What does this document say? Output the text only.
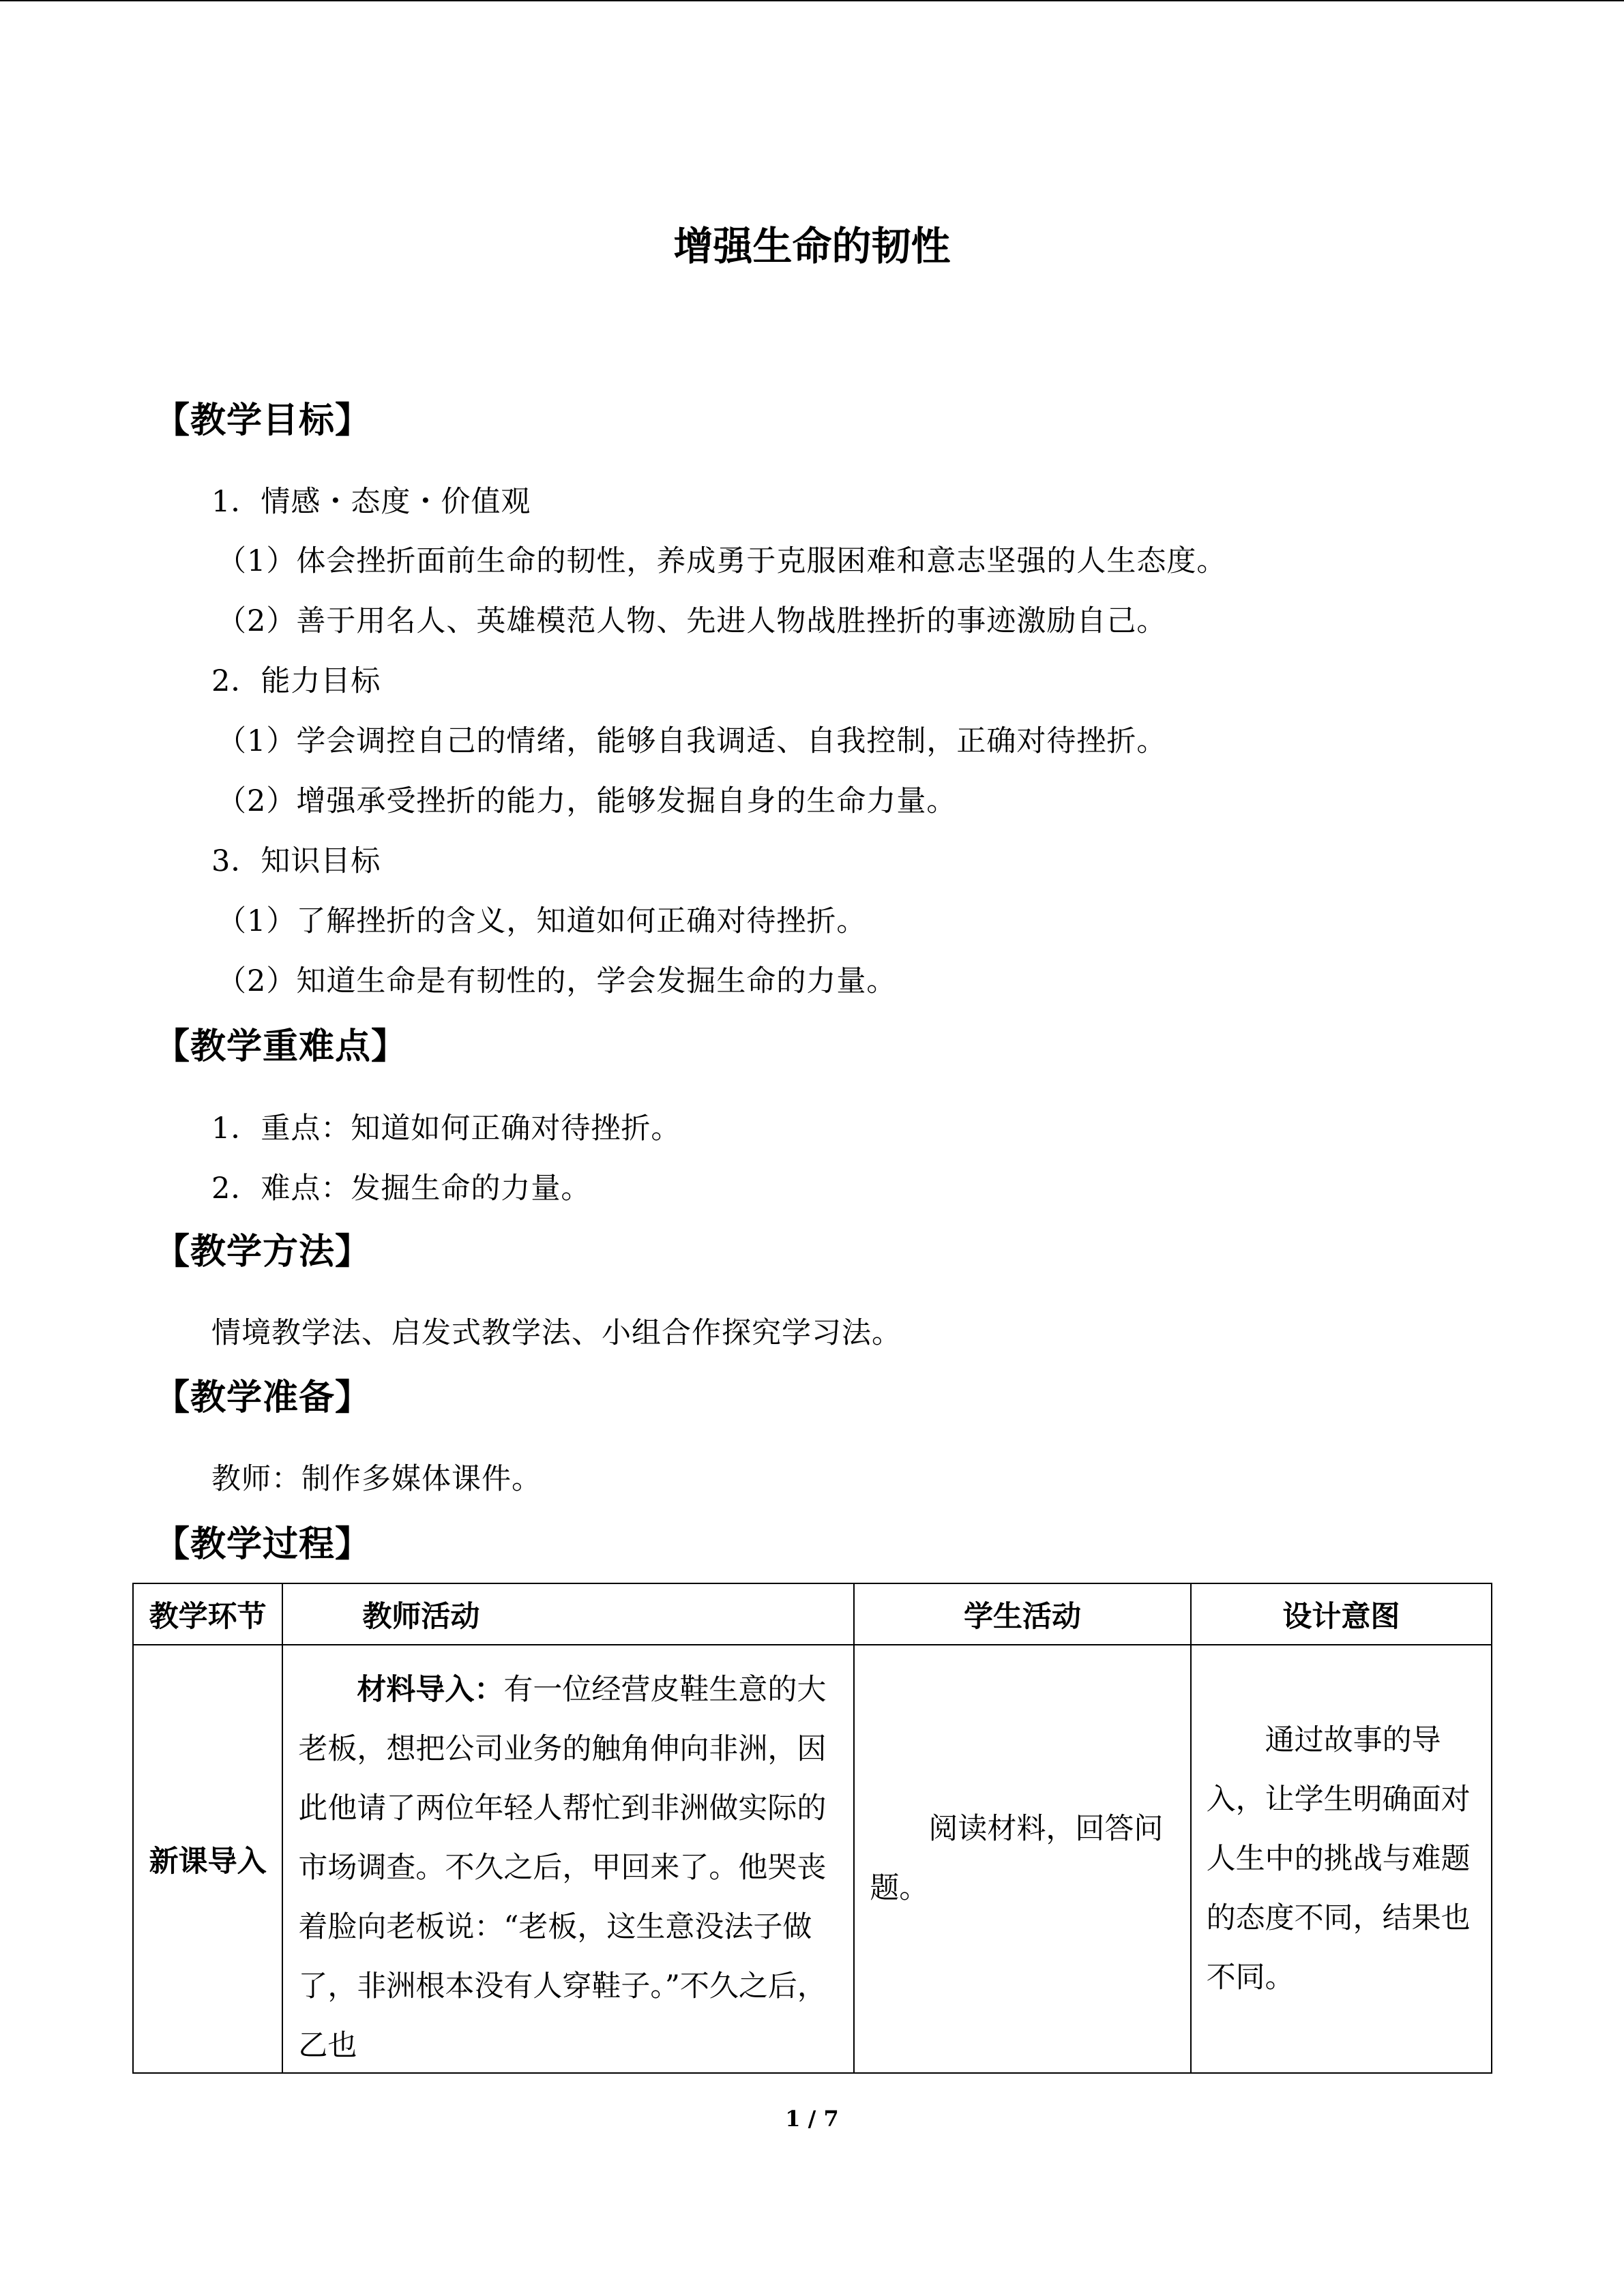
增强生命的韧性
【教学目标】
1．情感・态度・价值观
（1）体会挫折面前生命的韧性，养成勇于克服困难和意志坚强的人生态度。
（2）善于用名人、英雄模范人物、先进人物战胜挫折的事迹激励自己。
2．能力目标
（1）学会调控自己的情绪，能够自我调适、自我控制，正确对待挫折。
（2）增强承受挫折的能力，能够发掘自身的生命力量。
3．知识目标
（1）了解挫折的含义，知道如何正确对待挫折。
（2）知道生命是有韧性的，学会发掘生命的力量。
【教学重难点】
1．重点：知道如何正确对待挫折。
2．难点：发掘生命的力量。
【教学方法】
情境教学法、启发式教学法、小组合作探究学习法。
【教学准备】
教师：制作多媒体课件。
【教学过程】
教学环节	教师活动	学生活动	设计意图
新课导入	材料导入：有一位经营皮鞋生意的大老板，想把公司业务的触角伸向非洲，因此他请了两位年轻人帮忙到非洲做实际的市场调查。不久之后，甲回来了。他哭丧着脸向老板说：“老板，这生意没法子做了，非洲根本没有人穿鞋子。”不久之后，乙也	阅读材料，回答问题。	通过故事的导入，让学生明确面对人生中的挑战与难题的态度不同，结果也不同。
1 / 7
